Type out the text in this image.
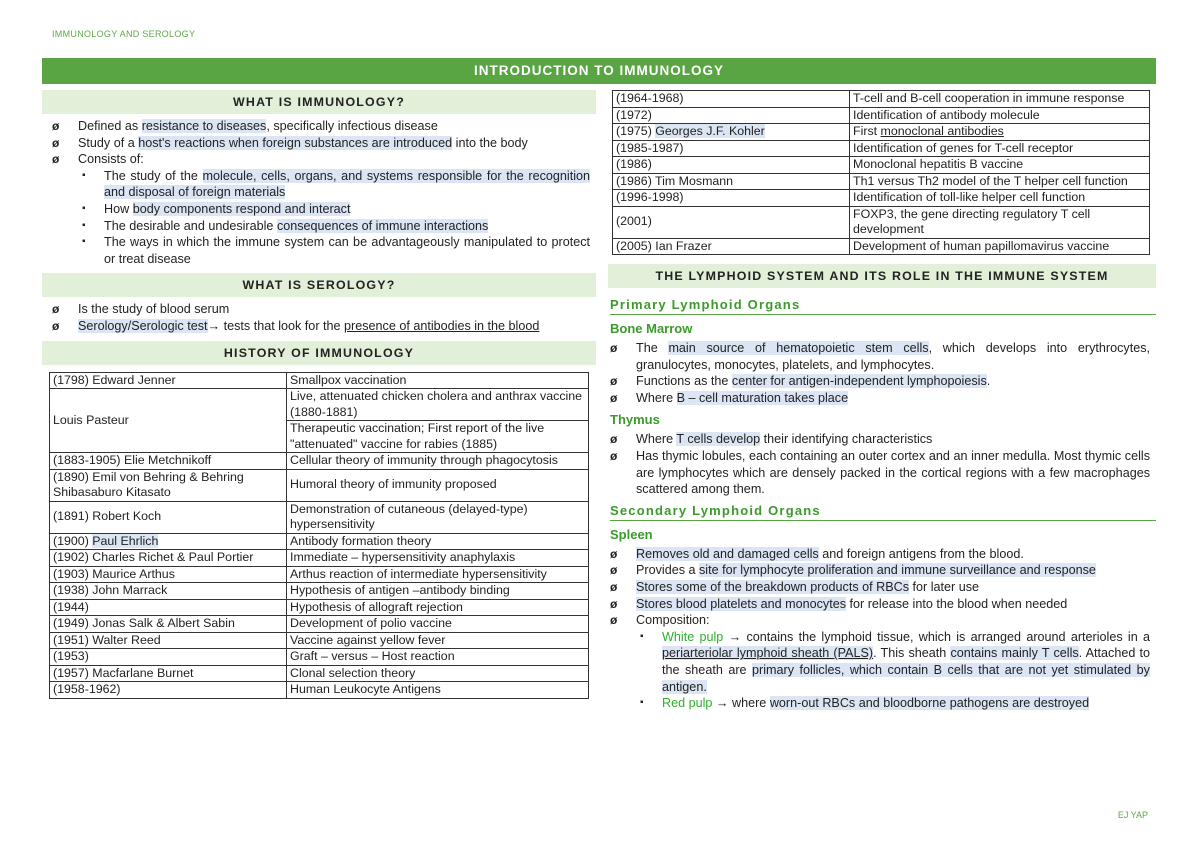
IMMUNOLOGY AND SEROLOGY
INTRODUCTION TO IMMUNOLOGY
WHAT IS IMMUNOLOGY?
ø Defined as resistance to diseases, specifically infectious disease
ø Study of a host's reactions when foreign substances are introduced into the body
ø Consists of:
▪ The study of the molecule, cells, organs, and systems responsible for the recognition and disposal of foreign materials
▪ How body components respond and interact
▪ The desirable and undesirable consequences of immune interactions
▪ The ways in which the immune system can be advantageously manipulated to protect or treat disease
WHAT IS SEROLOGY?
ø Is the study of blood serum
ø Serology/Serologic test→ tests that look for the presence of antibodies in the blood
HISTORY OF IMMUNOLOGY
(1798) Edward Jenner	Smallpox vaccination
Louis Pasteur	Live, attenuated chicken cholera and anthrax vaccine (1880-1881)
	Therapeutic vaccination; First report of the live "attenuated" vaccine for rabies (1885)
(1883-1905) Elie Metchnikoff	Cellular theory of immunity through phagocytosis
(1890) Emil von Behring & Behring Shibasaburo Kitasato	Humoral theory of immunity proposed
(1891) Robert Koch	Demonstration of cutaneous (delayed-type) hypersensitivity
(1900) Paul Ehrlich	Antibody formation theory
(1902) Charles Richet & Paul Portier	Immediate – hypersensitivity anaphylaxis
(1903) Maurice Arthus	Arthus reaction of intermediate hypersensitivity
(1938) John Marrack	Hypothesis of antigen –antibody binding
(1944)	Hypothesis of allograft rejection
(1949) Jonas Salk & Albert Sabin	Development of polio vaccine
(1951) Walter Reed	Vaccine against yellow fever
(1953)	Graft – versus – Host reaction
(1957) Macfarlane Burnet	Clonal selection theory
(1958-1962)	Human Leukocyte Antigens
(1964-1968)	T-cell and B-cell cooperation in immune response
(1972)	Identification of antibody molecule
(1975) Georges J.F. Kohler	First monoclonal antibodies
(1985-1987)	Identification of genes for T-cell receptor
(1986)	Monoclonal hepatitis B vaccine
(1986) Tim Mosmann	Th1 versus Th2 model of the T helper cell function
(1996-1998)	Identification of toll-like helper cell function
(2001)	FOXP3, the gene directing regulatory T cell development
(2005) Ian Frazer	Development of human papillomavirus vaccine
THE LYMPHOID SYSTEM AND ITS ROLE IN THE IMMUNE SYSTEM
Primary Lymphoid Organs
Bone Marrow
ø The main source of hematopoietic stem cells, which develops into erythrocytes, granulocytes, monocytes, platelets, and lymphocytes.
ø Functions as the center for antigen-independent lymphopoiesis.
ø Where B – cell maturation takes place
Thymus
ø Where T cells develop their identifying characteristics
ø Has thymic lobules, each containing an outer cortex and an inner medulla. Most thymic cells are lymphocytes which are densely packed in the cortical regions with a few macrophages scattered among them.
Secondary Lymphoid Organs
Spleen
ø Removes old and damaged cells and foreign antigens from the blood.
ø Provides a site for lymphocyte proliferation and immune surveillance and response
ø Stores some of the breakdown products of RBCs for later use
ø Stores blood platelets and monocytes for release into the blood when needed
ø Composition:
▪ White pulp → contains the lymphoid tissue, which is arranged around arterioles in a periarteriolar lymphoid sheath (PALS). This sheath contains mainly T cells. Attached to the sheath are primary follicles, which contain B cells that are not yet stimulated by antigen.
▪ Red pulp → where worn-out RBCs and bloodborne pathogens are destroyed
EJ YAP
